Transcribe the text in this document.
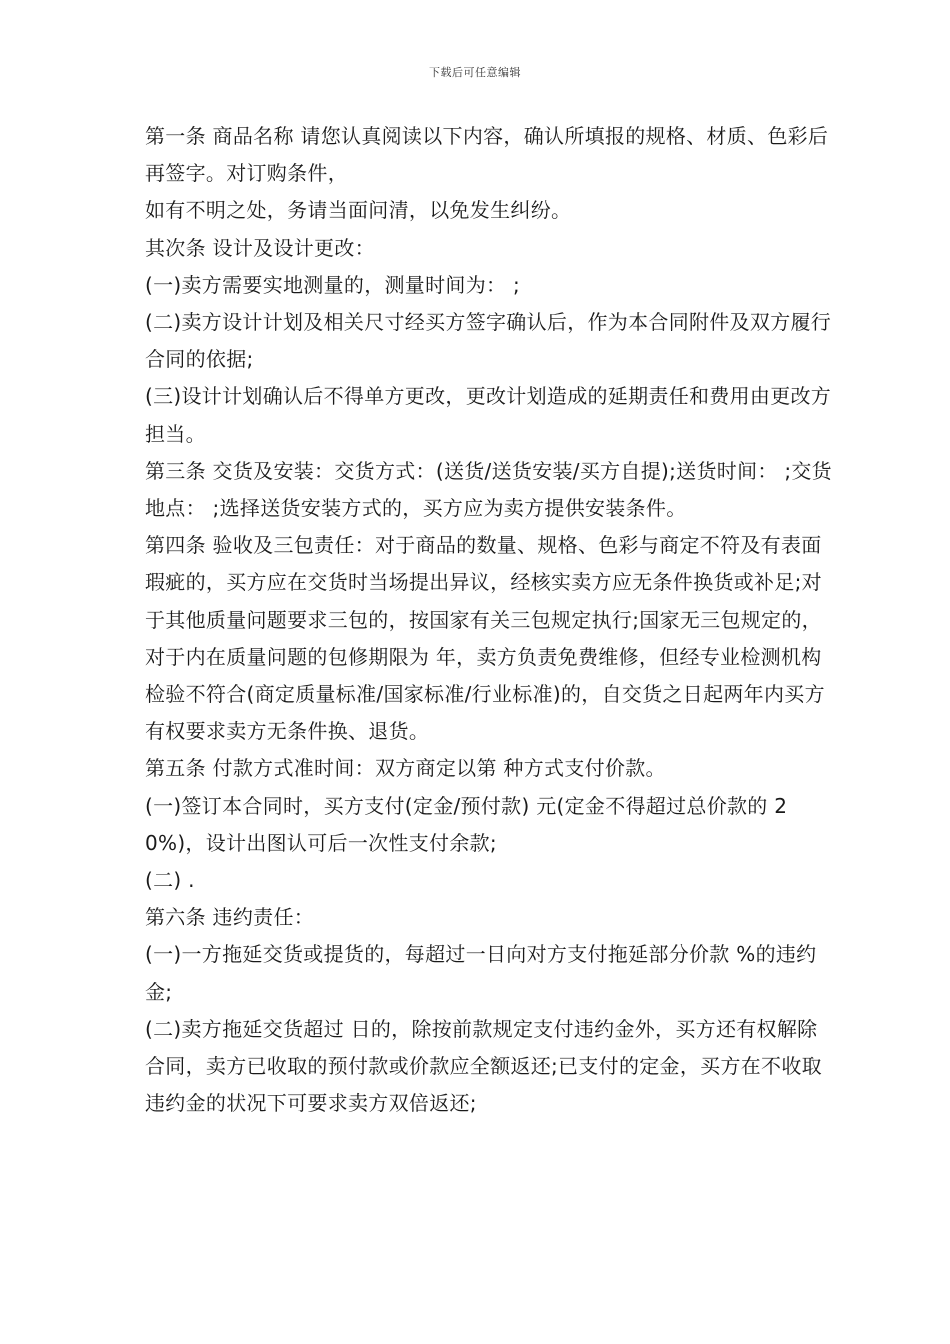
下载后可任意编辑

第一条 商品名称 请您认真阅读以下内容，确认所填报的规格、材质、色彩后再签字。对订购条件，

如有不明之处，务请当面问清，以免发生纠纷。

其次条 设计及设计更改：

(一)卖方需要实地测量的，测量时间为： ;

(二)卖方设计计划及相关尺寸经买方签字确认后，作为本合同附件及双方履行合同的依据;

(三)设计计划确认后不得单方更改，更改计划造成的延期责任和费用由更改方担当。

第三条 交货及安装：交货方式：(送货/送货安装/买方自提);送货时间： ;交货地点： ;选择送货安装方式的，买方应为卖方提供安装条件。

第四条 验收及三包责任：对于商品的数量、规格、色彩与商定不符及有表面瑕疵的，买方应在交货时当场提出异议，经核实卖方应无条件换货或补足;对于其他质量问题要求三包的，按国家有关三包规定执行;国家无三包规定的，对于内在质量问题的包修期限为 年，卖方负责免费维修，但经专业检测机构检验不符合(商定质量标准/国家标准/行业标准)的，自交货之日起两年内买方有权要求卖方无条件换、退货。

第五条 付款方式准时间：双方商定以第 种方式支付价款。

(一)签订本合同时，买方支付(定金/预付款) 元(定金不得超过总价款的 20%)，设计出图认可后一次性支付余款;

(二) .

第六条 违约责任：

(一)一方拖延交货或提货的，每超过一日向对方支付拖延部分价款 %的违约金;

(二)卖方拖延交货超过 日的，除按前款规定支付违约金外，买方还有权解除合同，卖方已收取的预付款或价款应全额返还;已支付的定金，买方在不收取违约金的状况下可要求卖方双倍返还;
